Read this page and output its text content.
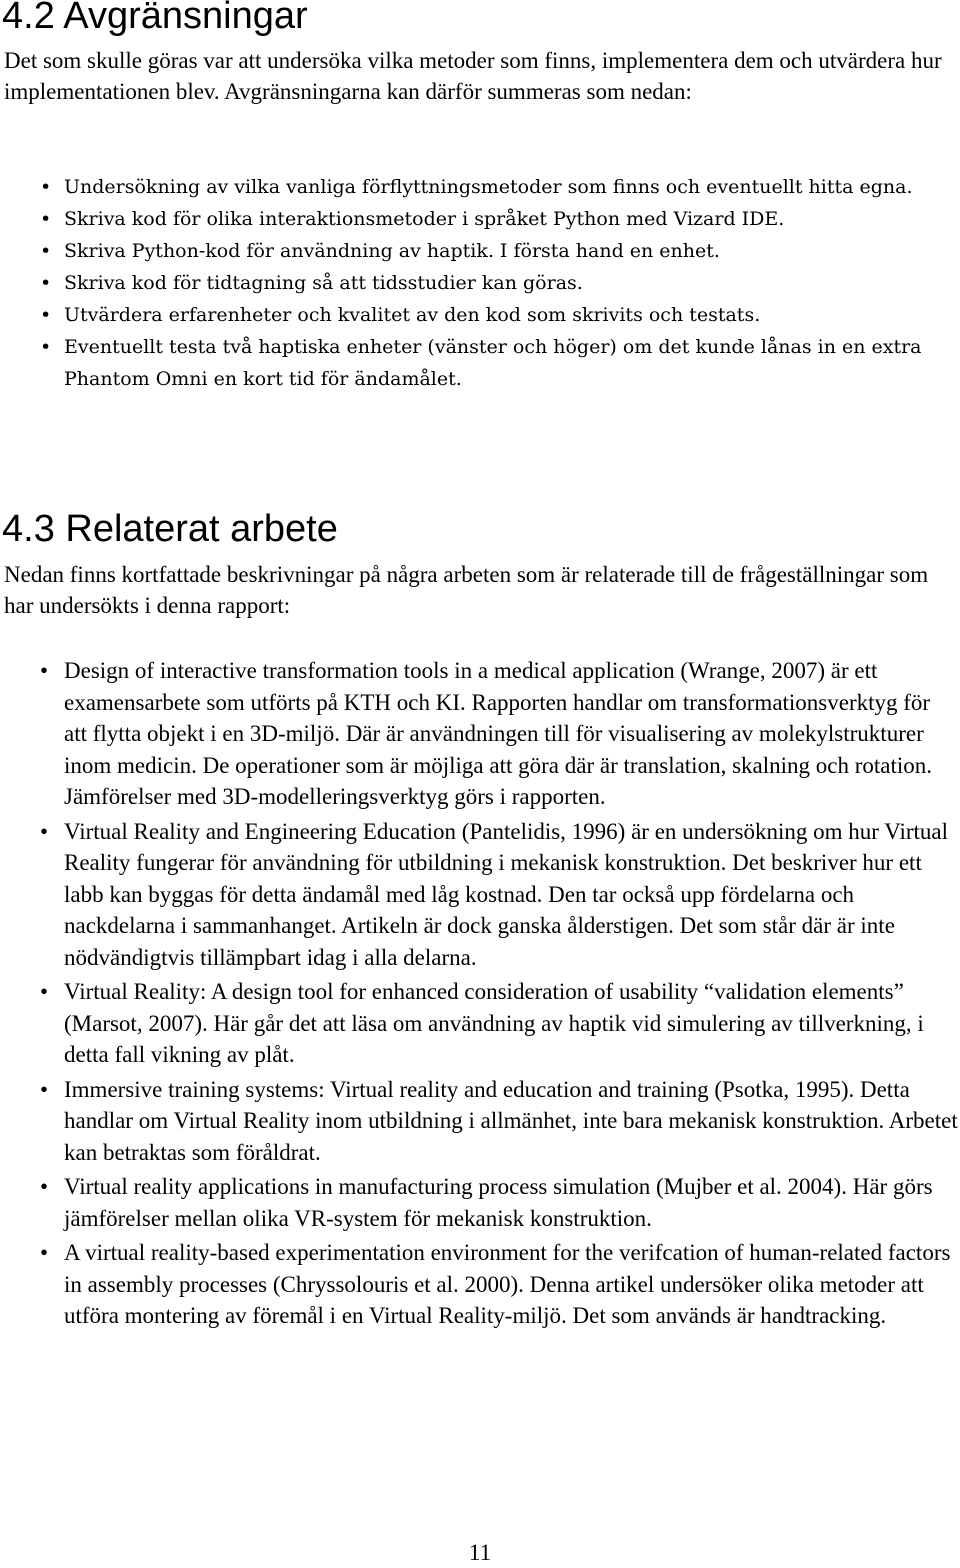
4.2 Avgränsningar

Det som skulle göras var att undersöka vilka metoder som finns, implementera dem och utvärdera hur implementationen blev. Avgränsningarna kan därför summeras som nedan:

• Undersökning av vilka vanliga förflyttningsmetoder som finns och eventuellt hitta egna.
• Skriva kod för olika interaktionsmetoder i språket Python med Vizard IDE.
• Skriva Python-kod för användning av haptik. I första hand en enhet.
• Skriva kod för tidtagning så att tidsstudier kan göras.
• Utvärdera erfarenheter och kvalitet av den kod som skrivits och testats.
• Eventuellt testa två haptiska enheter (vänster och höger) om det kunde lånas in en extra Phantom Omni en kort tid för ändamålet.
4.3 Relaterat arbete

Nedan finns kortfattade beskrivningar på några arbeten som är relaterade till de frågeställningar som har undersökts i denna rapport:

• Design of interactive transformation tools in a medical application (Wrange, 2007) är ett examensarbete som utförts på KTH och KI. Rapporten handlar om transformationsverktyg för att flytta objekt i en 3D-miljö. Där är användningen till för visualisering av molekylstrukturer inom medicin. De operationer som är möjliga att göra där är translation, skalning och rotation. Jämförelser med 3D-modelleringsverktyg görs i rapporten.
• Virtual Reality and Engineering Education (Pantelidis, 1996) är en undersökning om hur Virtual Reality fungerar för användning för utbildning i mekanisk konstruktion. Det beskriver hur ett labb kan byggas för detta ändamål med låg kostnad. Den tar också upp fördelarna och nackdelarna i sammanhanget. Artikeln är dock ganska ålderstigen. Det som står där är inte nödvändigtvis tillämpbart idag i alla delarna.
• Virtual Reality: A design tool for enhanced consideration of usability “validation elements” (Marsot, 2007). Här går det att läsa om användning av haptik vid simulering av tillverkning, i detta fall vikning av plåt.
• Immersive training systems: Virtual reality and education and training (Psotka, 1995). Detta handlar om Virtual Reality inom utbildning i allmänhet, inte bara mekanisk konstruktion. Arbetet kan betraktas som föråldrat.
• Virtual reality applications in manufacturing process simulation (Mujber et al. 2004). Här görs jämförelser mellan olika VR-system för mekanisk konstruktion.
• A virtual reality-based experimentation environment for the verifcation of human-related factors in assembly processes (Chryssolouris et al. 2000). Denna artikel undersöker olika metoder att utföra montering av föremål i en Virtual Reality-miljö. Det som används är handtracking.
11
